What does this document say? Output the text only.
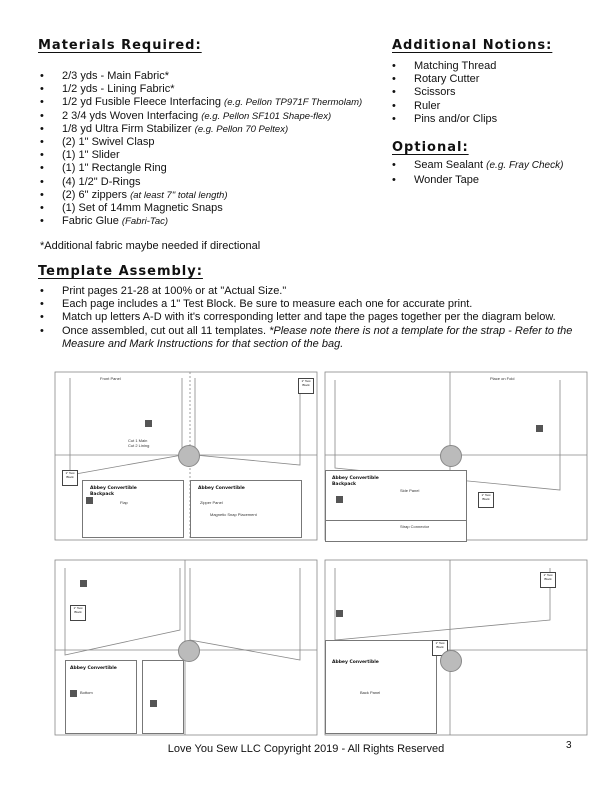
Materials Required:
• 2/3 yds - Main Fabric*
• 1/2 yds - Lining Fabric*
• 1/2 yd Fusible Fleece Interfacing (e.g. Pellon TP971F Thermolam)
• 2 3/4 yds Woven Interfacing (e.g. Pellon SF101 Shape-flex)
• 1/8 yd Ultra Firm Stabilizer (e.g. Pellon 70 Peltex)
• (2) 1" Swivel Clasp
• (1) 1" Slider
• (1) 1" Rectangle Ring
• (4) 1/2" D-Rings
• (2) 6" zippers (at least 7" total length)
• (1) Set of 14mm Magnetic Snaps
• Fabric Glue (Fabri-Tac)
*Additional fabric maybe needed if directional
Additional Notions:
• Matching Thread
• Rotary Cutter
• Scissors
• Ruler
• Pins and/or Clips
Optional:
• Seam Sealant (e.g. Fray Check)
• Wonder Tape
Template Assembly:
• Print pages 21-28 at 100% or at "Actual Size."
• Each page includes a 1" Test Block. Be sure to measure each one for accurate print.
• Match up letters A-D with it's corresponding letter and tape the pages together per the diagram below.
• Once assembled, cut out all 11 templates. *Please note there is not a template for the strap - Refer to the Measure and Mark Instructions for that section of the bag.
Abbey Convertible
Backpack
Flap
Abbey Convertible
Zipper Panel
Abbey Convertible
Backpack
Side Panel
Strap Connector
Abbey Convertible
Bottom
Abbey Convertible
Back Panel
Front Panel	Place on Fold
Cut 1 Main
Cut 2 Lining
Magnetic Snap Placement
1" Test Block
1" Test Block
1" Test Block
1" Test Block
1" Test Block
1" Test Block
Love You Sew LLC Copyright 2019 - All Rights Reserved	3
